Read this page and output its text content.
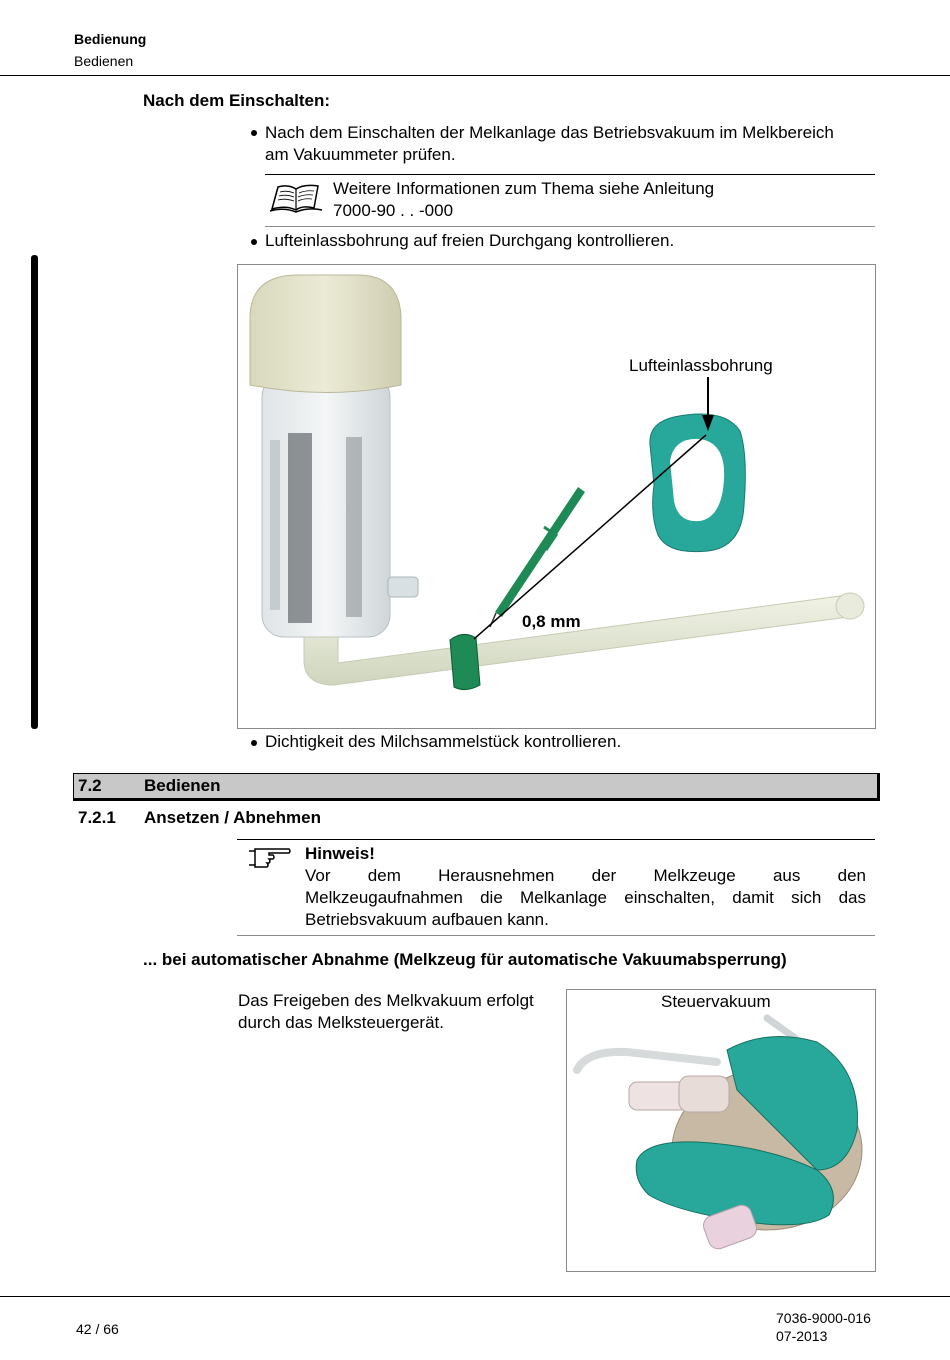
Bedienung
Bedienen
Nach dem Einschalten:
Nach dem Einschalten der Melkanlage das Betriebsvakuum im Melkbereich
am Vakuummeter prüfen.
Weitere Informationen zum Thema siehe Anleitung
7000-90 . . -000
Lufteinlassbohrung auf freien Durchgang kontrollieren.
Lufteinlassbohrung
0,8 mm
Dichtigkeit des Milchsammelstück kontrollieren.
7.2 Bedienen
7.2.1 Ansetzen / Abnehmen
Hinweis!
Vor dem Herausnehmen der Melkzeuge aus den
Melkzeugaufnahmen die Melkanlage einschalten, damit sich das
Betriebsvakuum aufbauen kann.
... bei automatischer Abnahme (Melkzeug für automatische Vakuumabsperrung)
Das Freigeben des Melkvakuum erfolgt
durch das Melksteuergerät.
Steuervakuum
42 / 66
7036-9000-016
07-2013
